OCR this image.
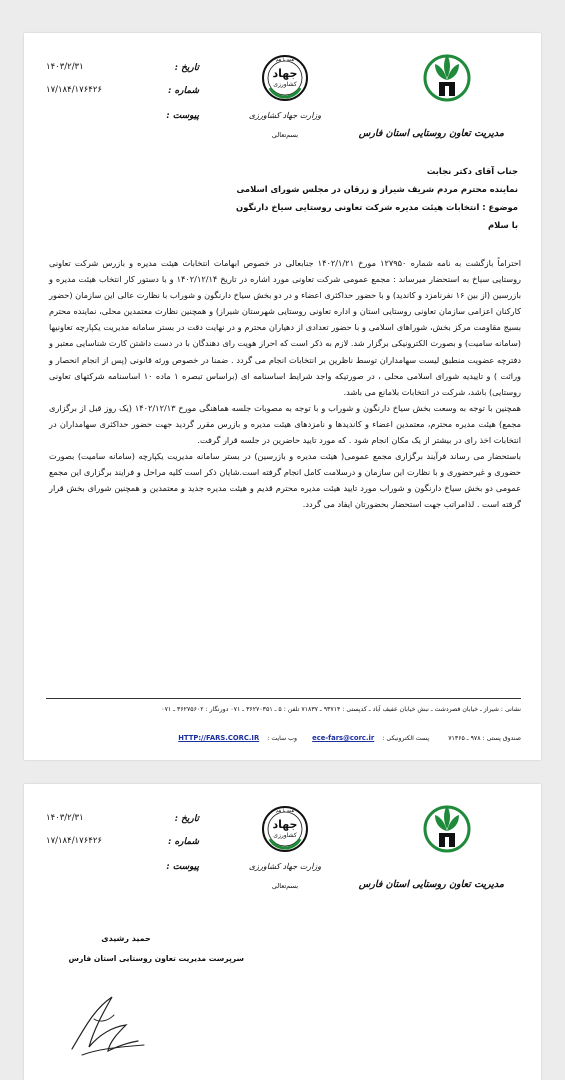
مدیریت تعاون روستایی استان فارس
جهاد
کشاورزی
همه با هم
وزارت جهاد کشاورزی
بسم‌تعالی
تاریخ :
۱۴۰۳/۲/۳۱
شماره :
۱۷/۱۸۴/۱۷۶۴۲۶
پیوست :
جناب آقای دکتر نجابت
نماینده محترم مردم شریف شیراز و زرقان در مجلس شورای اسلامی
موضوع : انتخابات هیئت مدیره شرکت تعاونی روستایی سیاخ دارنگون
با سلام

احتراماً بازگشت به نامه شماره ۱۲۷۹۵۰ مورخ ۱۴۰۲/۱/۲۱ جنابعالی در خصوص ابهامات انتخابات هیئت مدیره و بازرس شرکت تعاونی روستایی سیاخ به استحضار میرساند : مجمع عمومی شرکت تعاونی مورد اشاره در تاریخ ۱۴۰۲/۱۲/۱۴ و با دستور کار انتخاب هیئت مدیره و بازرسین (از بین ۱۶ نفرنامزد و کاندید) و با حضور حداکثری اعضاء و در دو بخش سیاخ دارنگون و شوراب با نظارت عالی این سازمان (حضور کارکنان اعزامی سازمان تعاونی روستایی استان و اداره تعاونی روستایی شهرستان شیراز) و همچنین نظارت معتمدین محلی، نماینده محترم بسیج مقاومت مرکز بخش، شوراهای اسلامی و با حضور تعدادی از دهیاران محترم و در نهایت دقت در بستر سامانه مدیریت یکپارچه تعاونیها (سامانه سامیت) و بصورت الکترونیکی برگزار شد. لازم به ذکر است که احراز هویت رای دهندگان با در دست داشتن کارت شناسایی معتبر و دفترچه عضویت منطبق لیست سهامداران توسط ناظرین بر انتخابات انجام می گردد . ضمنا در خصوص ورثه قانونی (پس از انجام انحصار و وراثت ) و تاییدیه شورای اسلامی محلی ، در صورتیکه واجد شرایط اساسنامه ای (براساس تبصره ۱ ماده ۱۰ اساسنامه شرکتهای تعاونی روستایی) باشد، شرکت در انتخابات بلامانع می باشد.

همچنین با توجه به وسعت بخش سیاخ دارنگون و شوراب و با توجه به مصوبات جلسه هماهنگی مورخ ۱۴۰۲/۱۲/۱۳ (یک روز قبل از برگزاری مجمع) هیئت مدیره محترم، معتمدین اعضاء و کاندیدها و نامزدهای هیئت مدیره و بازرس مقرر گردید جهت حضور حداکثری سهامداران در انتخابات اخذ رای در بیشتر از یک مکان انجام شود . که مورد تایید حاضرین در جلسه قرار گرفت.

باستحضار می رساند فرآیند برگزاری مجمع عمومی( هیئت مدیره و بازرسین) در بستر سامانه مدیریت یکپارچه (سامانه سامیت) بصورت حضوری و غیرحضوری و با نظارت این سازمان و درسلامت کامل انجام گرفته است.شایان ذکر است کلیه مراحل و فرایند برگزاری این مجمع عمومی دو بخش سیاخ دارنگون و شوراب مورد تایید هیئت مدیره محترم قدیم و هیئت مدیره جدید و معتمدین و همچنین شورای بخش قرار گرفته است . لذامراتب جهت استحضار بحضورتان ایفاد می گردد.

نشانی : شیراز ـ خیابان قصردشت ـ نبش خیابان عفیف آباد ـ کدپستی : ۹۳۷۱۴ ـ ۷۱۸۳۷ تلفن : ۵ ـ ۳۶۲۷۰۳۵۱ ـ ۰۷۱ دورنگار : ۳۶۲۷۵۶۰۲ ـ ۰۷۱
صندوق پستی : ۹۷۸ ـ ۷۱۳۶۵ پست الکترونیکی : ece-fars@corc.ir وب سایت : HTTP://FARS.CORC.IR
مدیریت تعاون روستایی استان فارس
جهاد
کشاورزی
همه با هم
وزارت جهاد کشاورزی
بسم‌تعالی
تاریخ :
۱۴۰۳/۲/۳۱
شماره :
۱۷/۱۸۴/۱۷۶۴۲۶
پیوست :
حمید رشیدی
سرپرست مدیریت تعاون روستایی استان فارس
